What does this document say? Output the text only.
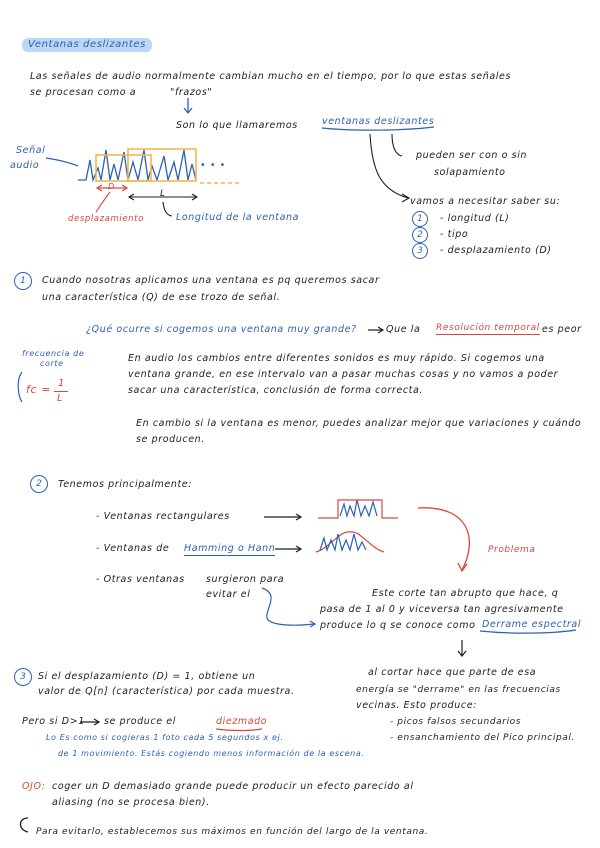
Ventanas deslizantes
Las señales de audio normalmente cambian mucho en el tiempo, por lo que estas señales
se procesan como a	"frazos"
Son lo que llamaremos	ventanas deslizantes
Señal
audio	• • •
D
L
desplazamiento	Longitud de la ventana
pueden ser con o sin
solapamiento
vamos a necesitar saber su:
1	- longitud (L)
2	- tipo
3	- desplazamiento (D)
1	Cuando nosotras aplicamos una ventana es pq queremos sacar
una característica (Q) de ese trozo de señal.
¿Qué ocurre si cogemos una ventana muy grande?	Que la Resolución temporal es peor
frecuencia de
corte
fc = 1
L
En audio los cambios entre diferentes sonidos es muy rápido. Si cogemos una
ventana grande, en ese intervalo van a pasar muchas cosas y no vamos a poder
sacar una característica, conclusión de forma correcta.
En cambio si la ventana es menor, puedes analizar mejor que variaciones y cuándo
se producen.
2	Tenemos principalmente:
- Ventanas rectangulares
- Ventanas de Hamming o Hann
- Otras ventanas surgieron para
evitar el
Problema
Este corte tan abrupto que hace, q
pasa de 1 al 0 y viceversa tan agresivamente
produce lo q se conoce como Derrame espectral
3	Si el desplazamiento (D) = 1, obtiene un
valor de Q[n] (característica) por cada muestra.
Pero si D>1 se produce el	diezmado
Lo Es como si cogieras 1 foto cada 5 segundos x ej.
de 1 movimiento. Estás cogiendo menos información de la escena.
al cortar hace que parte de esa
energía se "derrame" en las frecuencias
vecinas. Esto produce:
- picos falsos secundarios
- ensanchamiento del Pico principal.
OJO: coger un D demasiado grande puede producir un efecto parecido al
aliasing (no se procesa bien).
Para evitarlo, establecemos sus máximos en función del largo de la ventana.
